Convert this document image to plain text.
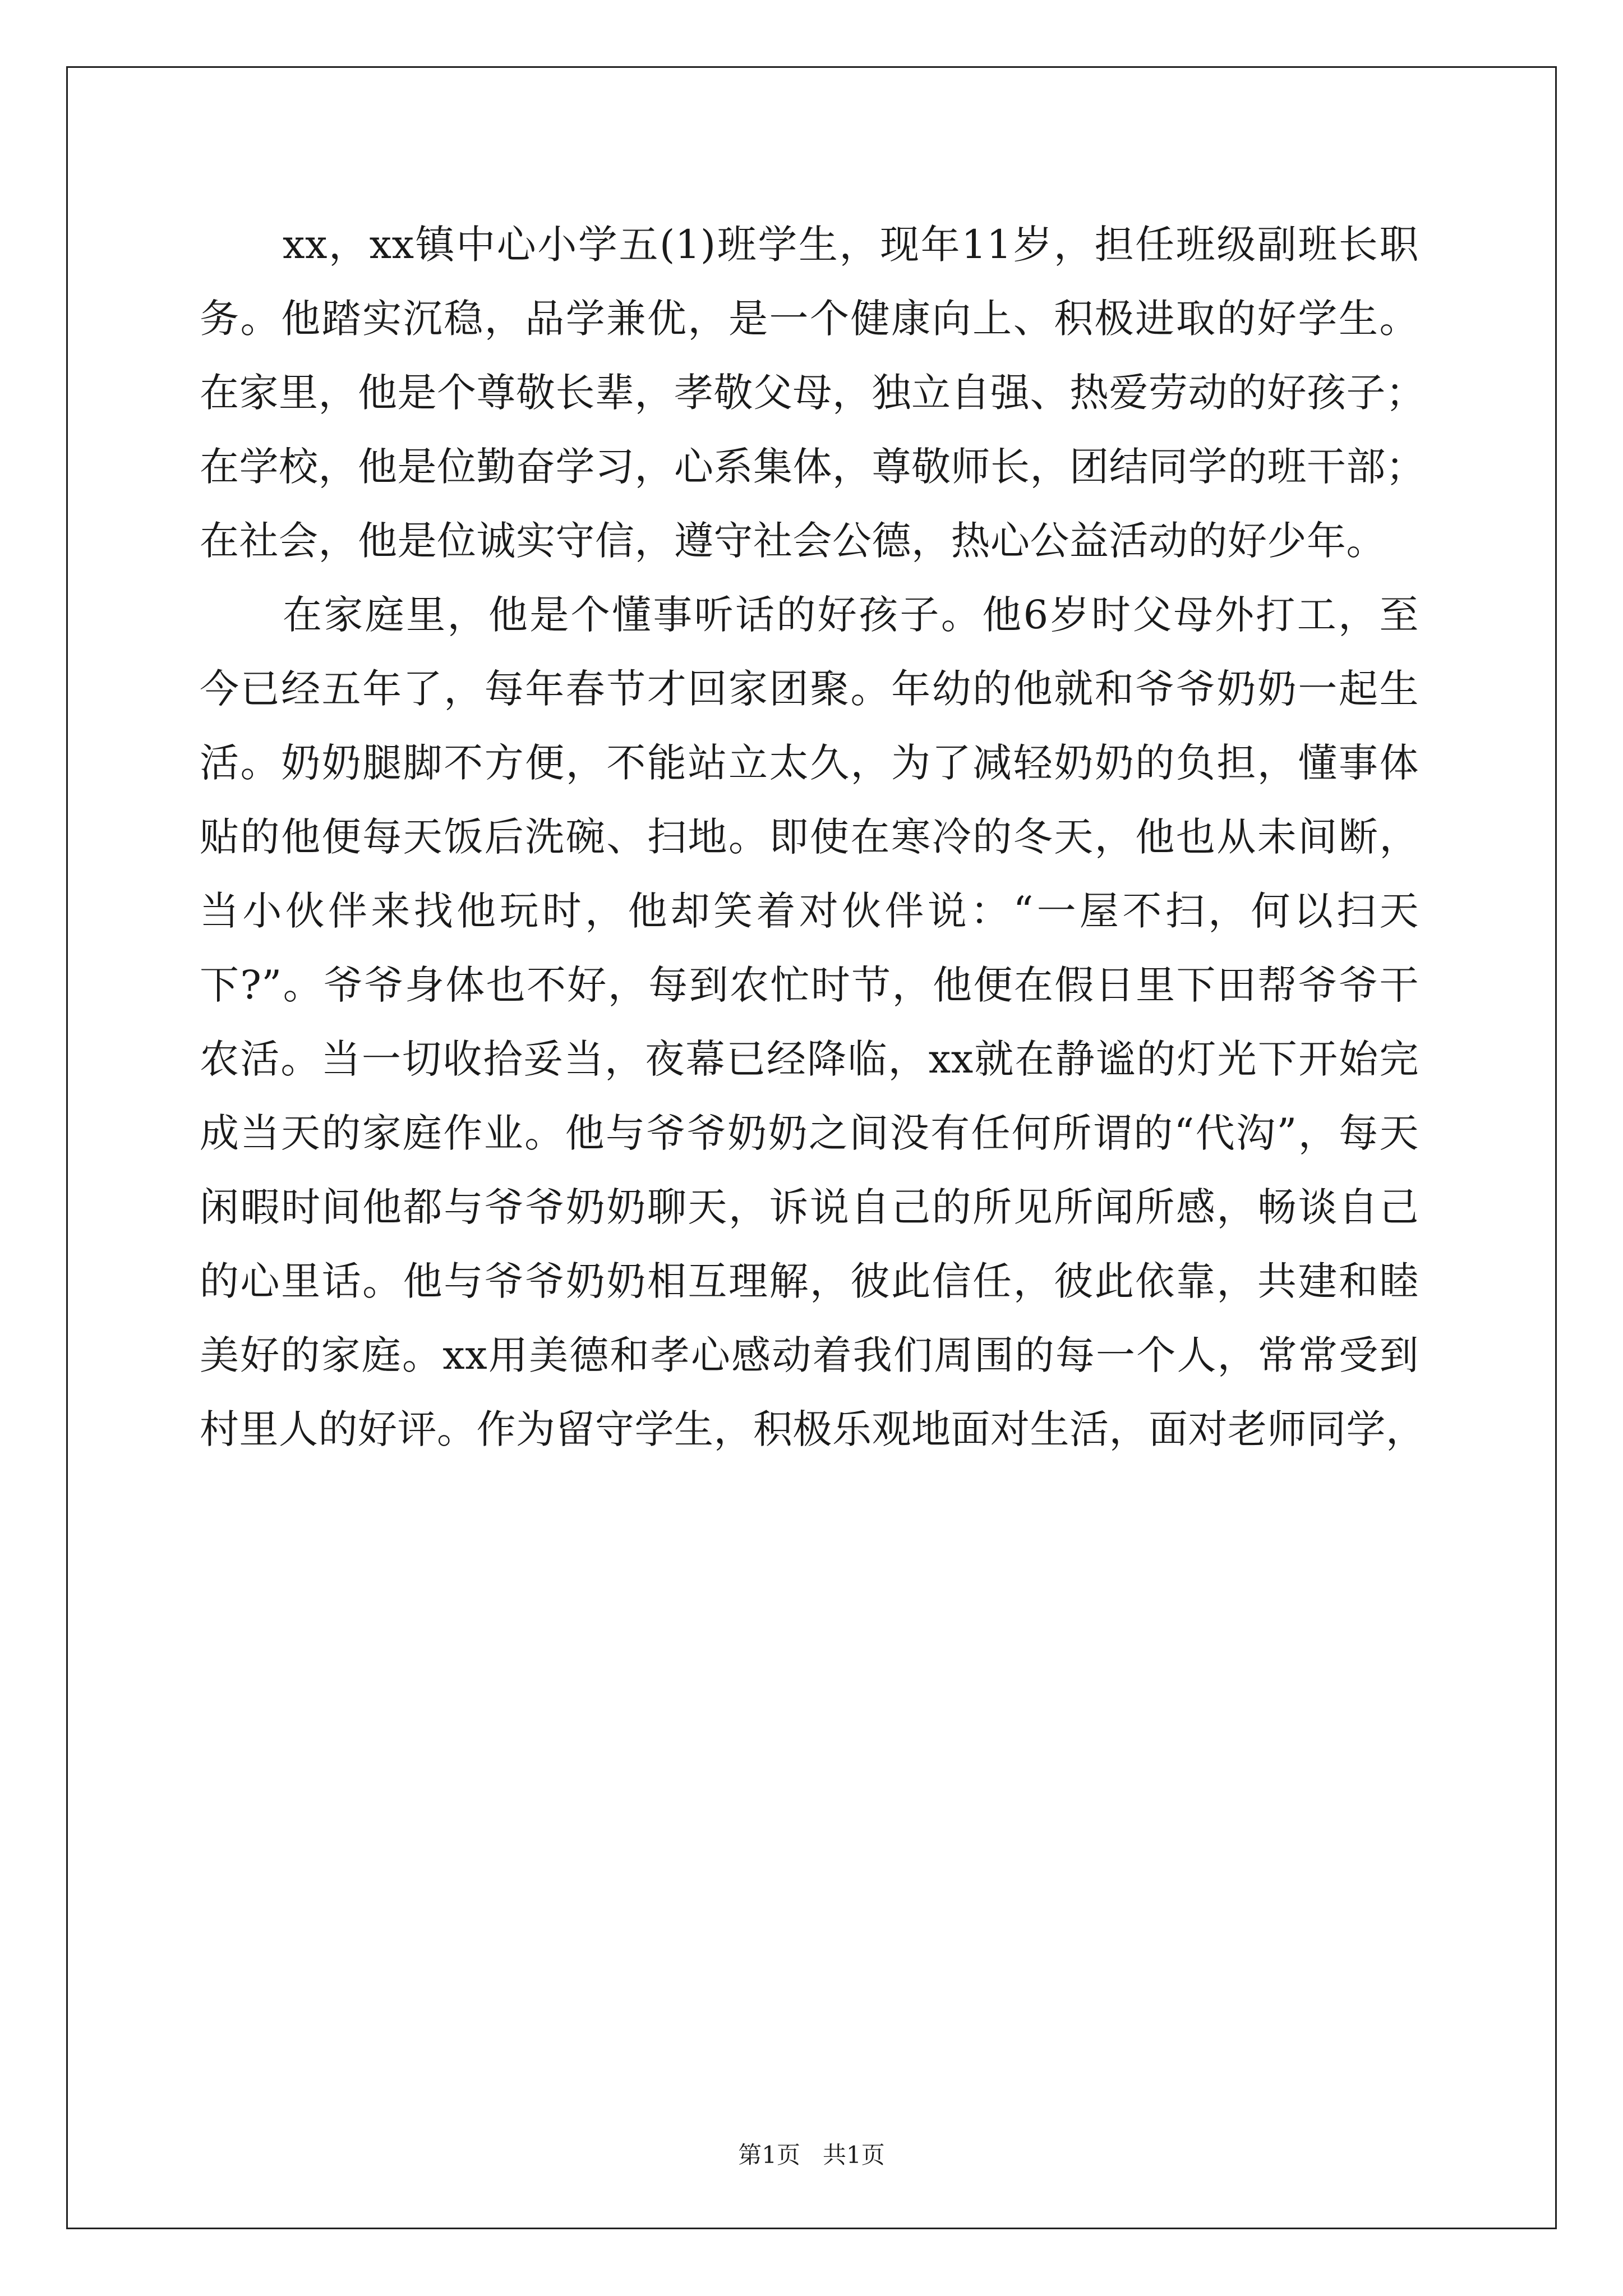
xx，xx镇中心小学五(1)班学生，现年11岁，担任班级副班长职
务。他踏实沉稳，品学兼优，是一个健康向上、积极进取的好学生。
在家里，他是个尊敬长辈，孝敬父母，独立自强、热爱劳动的好孩子；
在学校，他是位勤奋学习，心系集体，尊敬师长，团结同学的班干部；
在社会，他是位诚实守信，遵守社会公德，热心公益活动的好少年。
在家庭里，他是个懂事听话的好孩子。他6岁时父母外打工，至
今已经五年了，每年春节才回家团聚。年幼的他就和爷爷奶奶一起生
活。奶奶腿脚不方便，不能站立太久，为了减轻奶奶的负担，懂事体
贴的他便每天饭后洗碗、扫地。即使在寒冷的冬天，他也从未间断，
当小伙伴来找他玩时，他却笑着对伙伴说：“一屋不扫，何以扫天
下?”。爷爷身体也不好，每到农忙时节，他便在假日里下田帮爷爷干
农活。当一切收拾妥当，夜幕已经降临，xx就在静谧的灯光下开始完
成当天的家庭作业。他与爷爷奶奶之间没有任何所谓的“代沟”，每天
闲暇时间他都与爷爷奶奶聊天，诉说自己的所见所闻所感，畅谈自己
的心里话。他与爷爷奶奶相互理解，彼此信任，彼此依靠，共建和睦
美好的家庭。xx用美德和孝心感动着我们周围的每一个人，常常受到
村里人的好评。作为留守学生，积极乐观地面对生活，面对老师同学，
第1页   共1页
